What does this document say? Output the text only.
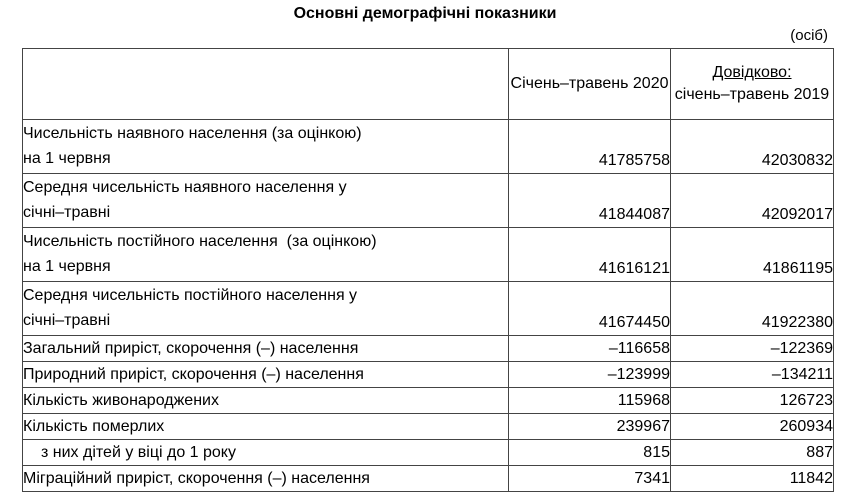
Основні демографічні показники
(осіб)

	Січень–травень 2020	Довідково:
січень–травень 2019

Чисельність наявного населення (за оцінкою)
на 1 червня	41785758	42030832
Середня чисельність наявного населення у
січні–травні	41844087	42092017
Чисельність постійного населення  (за оцінкою)
на 1 червня	41616121	41861195
Середня чисельність постійного населення у
січні–травні	41674450	41922380
Загальний приріст, скорочення (–) населення	–116658	–122369
Природний приріст, скорочення (–) населення	–123999	–134211
Кількість живонароджених	115968	126723
Кількість померлих	239967	260934
з них дітей у віці до 1 року	815	887
Міграційний приріст, скорочення (–) населення	7341	11842
